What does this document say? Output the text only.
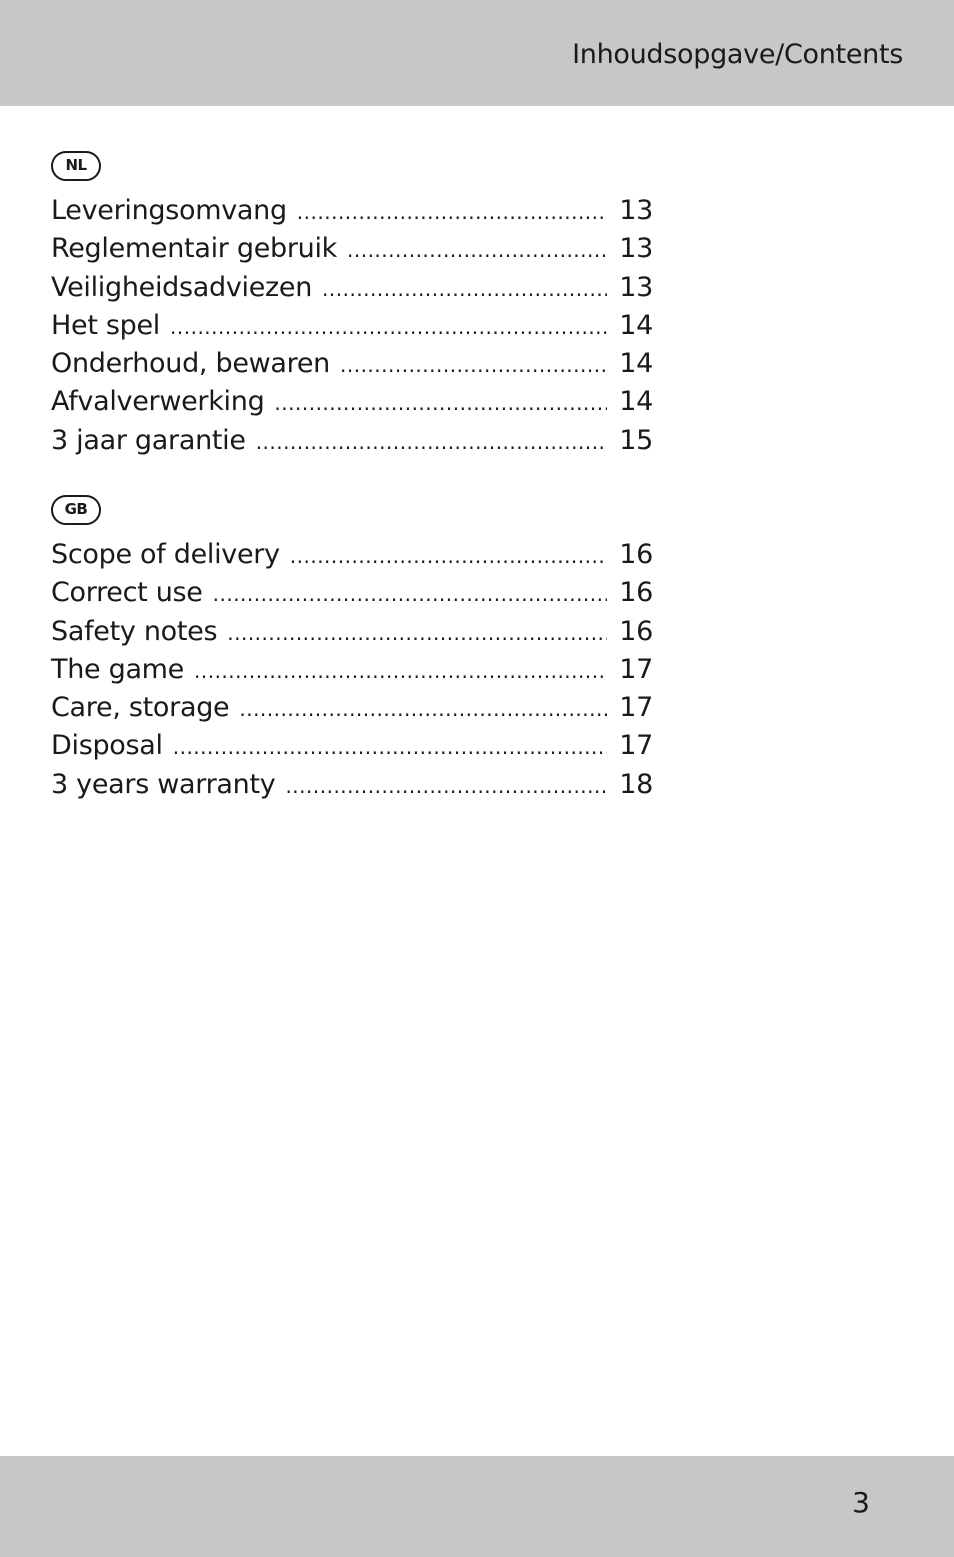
Inhoudsopgave/Contents
NL
Leveringsomvang .....	13
Reglementair gebruik .....	13
Veiligheidsadviezen .....	13
Het spel .....	14
Onderhoud, bewaren .....	14
Afvalverwerking .....	14
3 jaar garantie .....	15
GB
Scope of delivery .....	16
Correct use .....	16
Safety notes .....	16
The game .....	17
Care, storage .....	17
Disposal .....	17
3 years warranty .....	18
3
